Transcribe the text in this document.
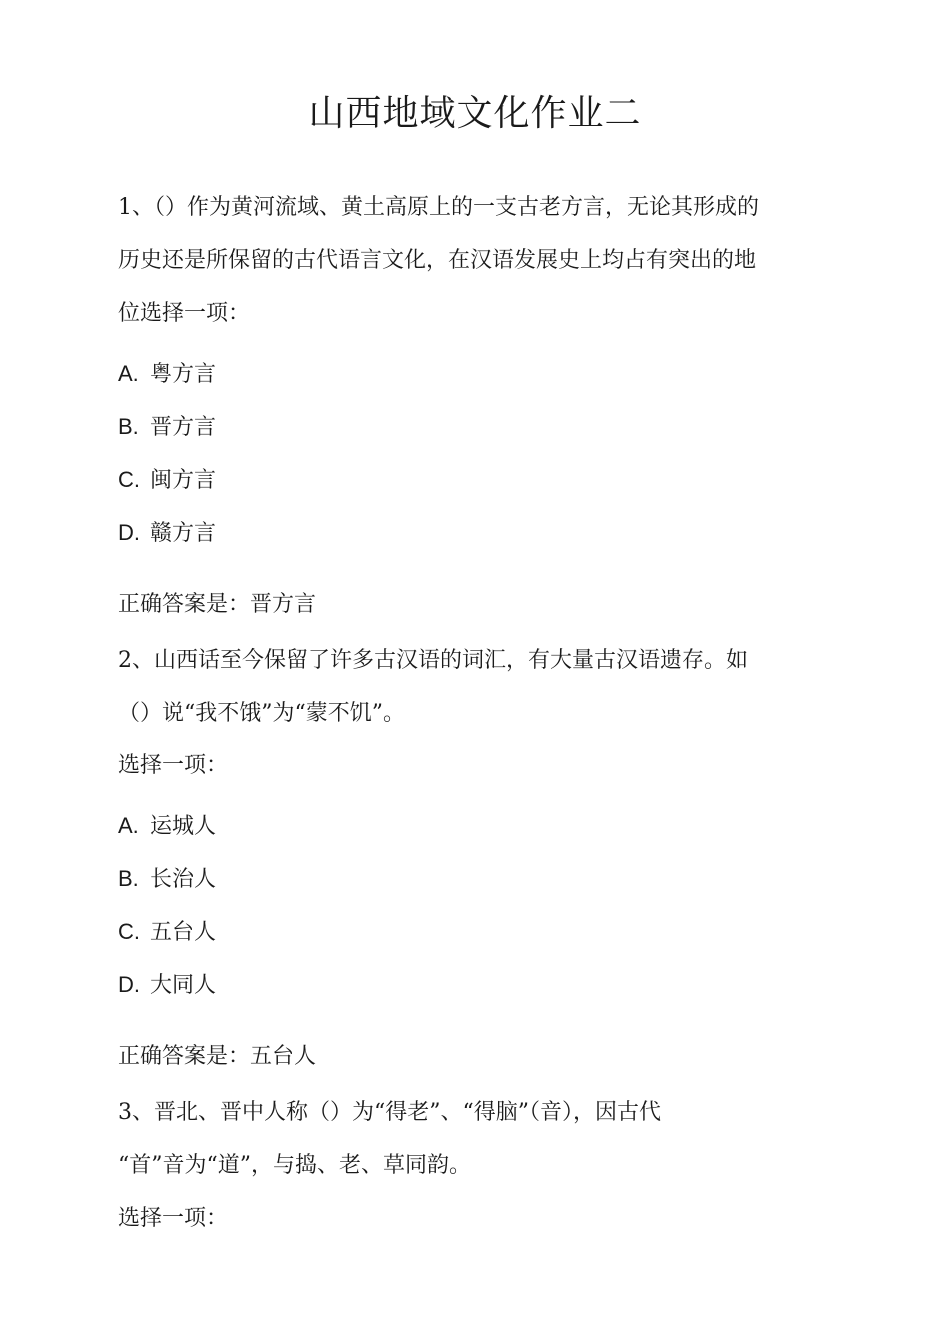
山西地域文化作业二
1、（）作为黄河流域、黄土高原上的一支古老方言，无论其形成的
历史还是所保留的古代语言文化，在汉语发展史上均占有突出的地
位选择一项：
A. 粤方言
B. 晋方言
C. 闽方言
D. 赣方言
正确答案是：晋方言
2、山西话至今保留了许多古汉语的词汇，有大量古汉语遗存。如
（）说“我不饿”为“蒙不饥”。
选择一项：
A. 运城人
B. 长治人
C. 五台人
D. 大同人
正确答案是：五台人
3、晋北、晋中人称（）为“得老”、“得脑”（音），因古代
“首”音为“道”，与捣、老、草同韵。
选择一项：
